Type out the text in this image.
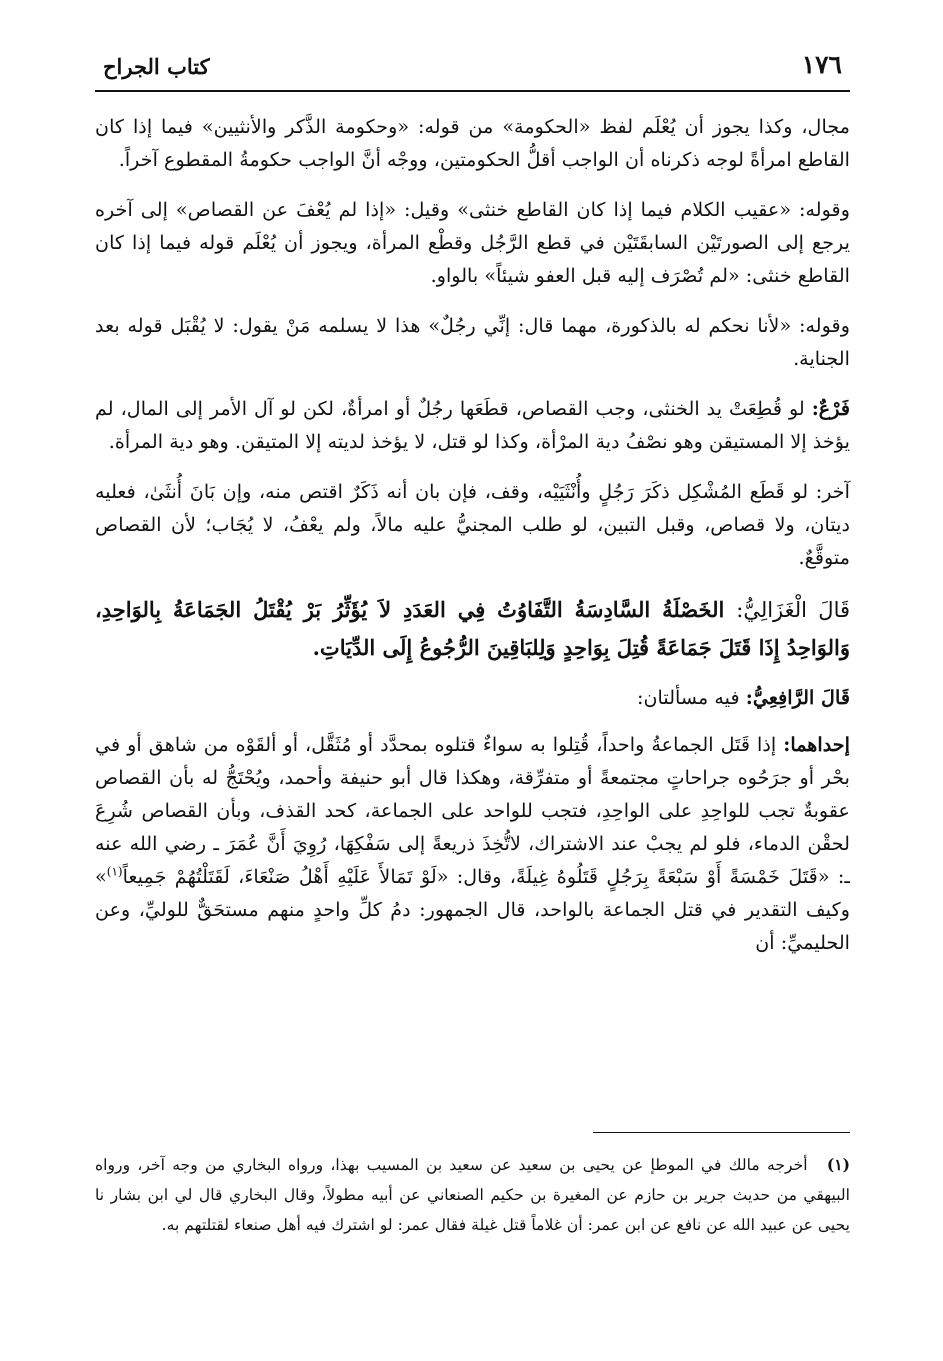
١٧٦
كتاب الجراح

مجال، وكذا يجوز أن يُعْلَم لفظ «الحكومة» من قوله: «وحكومة الذَّكر والأنثيين» فيما إذا كان القاطع امرأةً لوجه ذكرناه أن الواجب أقلُّ الحكومتين، ووجْه أنَّ الواجب حكومةُ المقطوع آخراً.

وقوله: «عقيب الكلام فيما إذا كان القاطع خنثى» وقيل: «إذا لم يُعْفَ عن القصاص» إلى آخره يرجع إلى الصورتَيْن السابقَتَيْن في قطع الرَّجُل وقطْع المرأة، ويجوز أن يُعْلَم قوله فيما إذا كان القاطع خنثى: «لم تُصْرَف إليه قبل العفو شيئاً» بالواو.

وقوله: «لأنا نحكم له بالذكورة، مهما قال: إنِّي رجُلٌ» هذا لا يسلمه مَنْ يقول: لا يُقْبَل قوله بعد الجناية.

فَرْعٌ: لو قُطِعَتْ يد الخنثى، وجب القصاص، قطَعَها رجُلٌ أو امرأةٌ، لكن لو آل الأمر إلى المال، لم يؤخذ إلا المستيقن وهو نصْفُ دية المرْأة، وكذا لو قتل، لا يؤخذ لديته إلا المتيقن. وهو دية المرأة.

آخر: لو قَطَع المُشْكِل ذكَرَ رَجُلٍ وأُنْثَيَيْه، وقف، فإن بان أنه ذَكَرٌ اقتص منه، وإن بَانَ أُنثَىٰ، فعليه ديتان، ولا قصاص، وقبل التبين، لو طلب المجنيُّ عليه مالاً، ولم يعْفُ، لا يُجَاب؛ لأن القصاص متوقَّعٌ.

قَالَ الْغَزَالِيُّ: الخَصْلَةُ السَّادِسَةُ التَّفَاوُتُ فِي العَدَدِ لاَ يُؤَثِّرُ بَرْ يُقْتَلُ الجَمَاعَةُ بِالوَاحِدِ، وَالوَاحِدُ إِذَا قَتَلَ جَمَاعَةً قُتِلَ بِوَاحِدٍ وَلِلبَاقِينَ الرُّجُوعُ إِلَى الدِّيَاتِ.

قَالَ الرَّافِعِيُّ: فيه مسألتان:

إحداهما: إذا قَتَل الجماعةُ واحداً، قُتِلوا به سواءٌ قتلوه بمحدَّد أو مُثَقَّل، أو ألقَوْه من شاهق أو في بحْر أو جرَحُوه جراحاتٍ مجتمعةً أو متفرِّقة، وهكذا قال أبو حنيفة وأحمد، ويُحْتَجُّ له بأن القصاص عقوبةٌ تجب للواحِدِ على الواحِدِ، فتجب للواحد على الجماعة، كحد القذف، وبأن القصاص شُرِعَ لحقْن الدماء، فلو لم يجبْ عند الاشتراك، لاتُّخِذَ ذريعةً إلى سَفْكِهَا، رُوِيَ أَنَّ عُمَرَ ـ رضي الله عنه ـ: «قَتَلَ خَمْسَةً أَوْ سَبْعَةً بِرَجُلٍ قَتَلُوهُ غِيلَةً، وقال: «لَوْ تَمَالأَ عَلَيْهِ أَهْلُ صَنْعَاءَ، لَقَتَلْتُهُمْ جَمِيعاً$^{(١)}$» وكيف التقدير في قتل الجماعة بالواحد، قال الجمهور: دمُ كلِّ واحدٍ منهم مستحَقٌّ للوليِّ، وعن الحليميِّ: أن

(١) أخرجه مالك في الموطإ عن يحيى بن سعيد عن سعيد بن المسيب بهذا، ورواه البخاري من وجه آخر، ورواه البيهقي من حديث جرير بن حازم عن المغيرة بن حكيم الصنعاني عن أبيه مطولاً، وقال البخاري قال لي ابن بشار نا يحيى عن عبيد الله عن نافع عن ابن عمر: أن غلاماً قتل غيلة فقال عمر: لو اشترك فيه أهل صنعاء لقتلتهم به.
